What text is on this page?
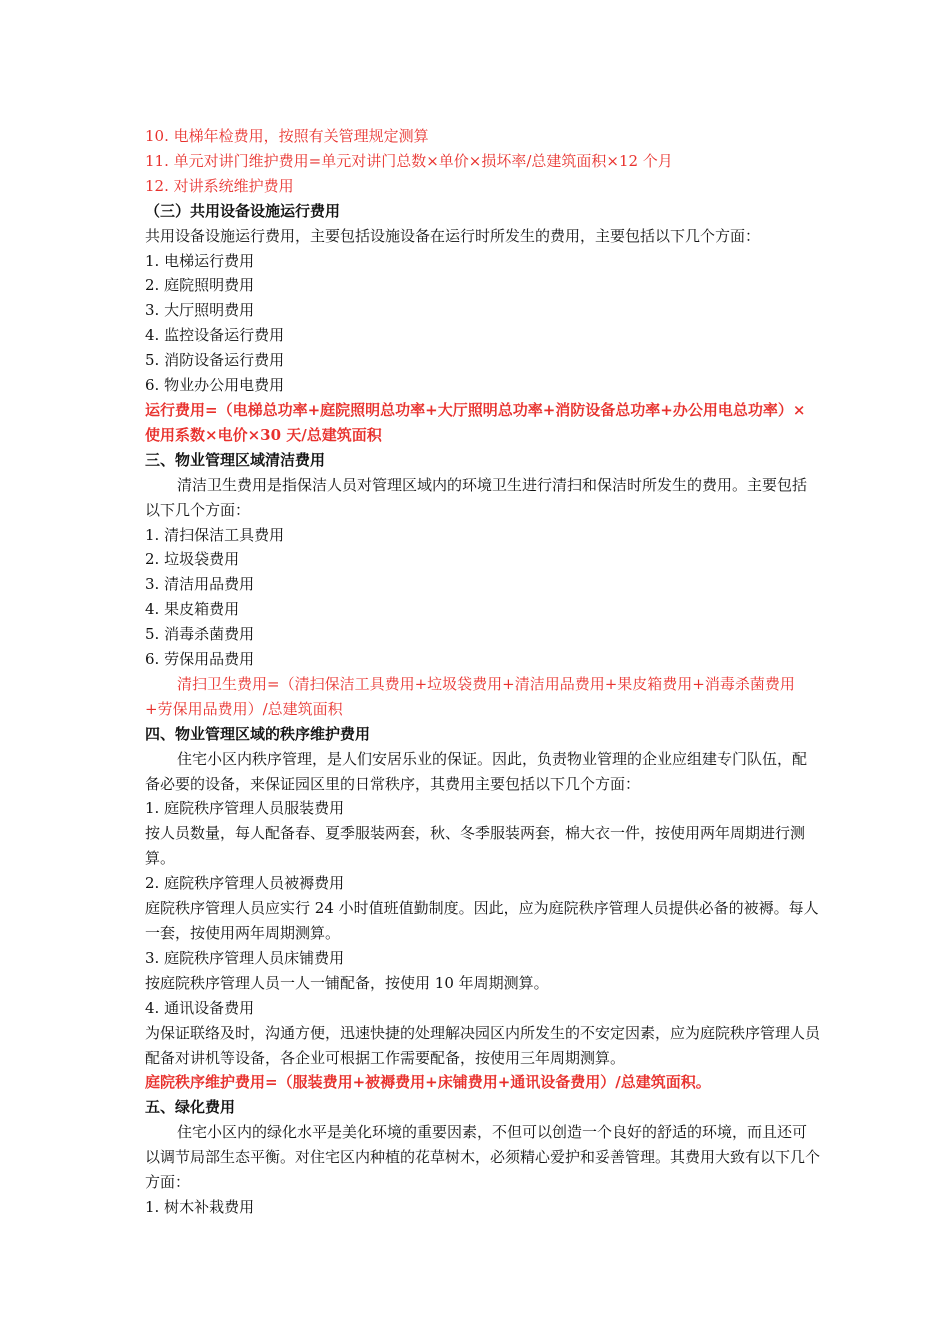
10. 电梯年检费用，按照有关管理规定测算
11. 单元对讲门维护费用=单元对讲门总数×单价×损坏率/总建筑面积×12 个月
12. 对讲系统维护费用
（三）共用设备设施运行费用
共用设备设施运行费用，主要包括设施设备在运行时所发生的费用，主要包括以下几个方面：
1. 电梯运行费用
2. 庭院照明费用
3. 大厅照明费用
4. 监控设备运行费用
5. 消防设备运行费用
6. 物业办公用电费用
运行费用=（电梯总功率+庭院照明总功率+大厅照明总功率+消防设备总功率+办公用电总功率）×使用系数×电价×30 天/总建筑面积
三、物业管理区域清洁费用
清洁卫生费用是指保洁人员对管理区域内的环境卫生进行清扫和保洁时所发生的费用。主要包括以下几个方面：
1. 清扫保洁工具费用
2. 垃圾袋费用
3. 清洁用品费用
4. 果皮箱费用
5. 消毒杀菌费用
6. 劳保用品费用
清扫卫生费用=（清扫保洁工具费用+垃圾袋费用+清洁用品费用+果皮箱费用+消毒杀菌费用+劳保用品费用）/总建筑面积
四、物业管理区域的秩序维护费用
住宅小区内秩序管理，是人们安居乐业的保证。因此，负责物业管理的企业应组建专门队伍，配备必要的设备，来保证园区里的日常秩序，其费用主要包括以下几个方面：
1. 庭院秩序管理人员服装费用
按人员数量，每人配备春、夏季服装两套，秋、冬季服装两套，棉大衣一件，按使用两年周期进行测算。
2. 庭院秩序管理人员被褥费用
庭院秩序管理人员应实行 24 小时值班值勤制度。因此，应为庭院秩序管理人员提供必备的被褥。每人一套，按使用两年周期测算。
3. 庭院秩序管理人员床铺费用
按庭院秩序管理人员一人一铺配备，按使用 10 年周期测算。
4. 通讯设备费用
为保证联络及时，沟通方便，迅速快捷的处理解决园区内所发生的不安定因素，应为庭院秩序管理人员配备对讲机等设备，各企业可根据工作需要配备，按使用三年周期测算。
庭院秩序维护费用=（服装费用+被褥费用+床铺费用+通讯设备费用）/总建筑面积。
五、绿化费用
住宅小区内的绿化水平是美化环境的重要因素，不但可以创造一个良好的舒适的环境，而且还可以调节局部生态平衡。对住宅区内种植的花草树木，必须精心爱护和妥善管理。其费用大致有以下几个方面：
1. 树木补栽费用
